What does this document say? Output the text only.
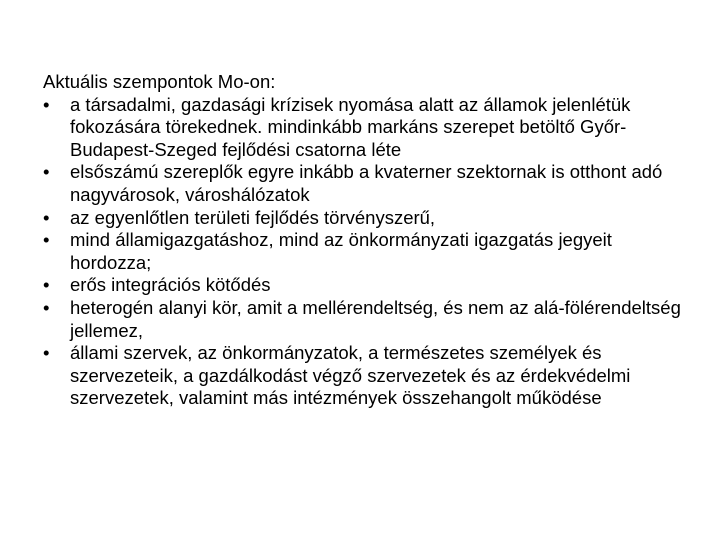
Aktuális szempontok Mo-on:

• a társadalmi, gazdasági krízisek nyomása alatt az államok jelenlétük fokozására törekednek. mindinkább markáns szerepet betöltő Győr-Budapest-Szeged fejlődési csatorna léte
• elsőszámú szereplők egyre inkább a kvaterner szektornak is otthont adó nagyvárosok, városhálózatok
• az egyenlőtlen területi fejlődés törvényszerű,
• mind államigazgatáshoz, mind az önkormányzati igazgatás jegyeit hordozza;
• erős integrációs kötődés
• heterogén alanyi kör, amit a mellérendeltség, és nem az alá-fölérendeltség jellemez,
• állami szervek, az önkormányzatok, a természetes személyek és szervezeteik, a gazdálkodást végző szervezetek és az érdekvédelmi szervezetek, valamint más intézmények összehangolt működése
